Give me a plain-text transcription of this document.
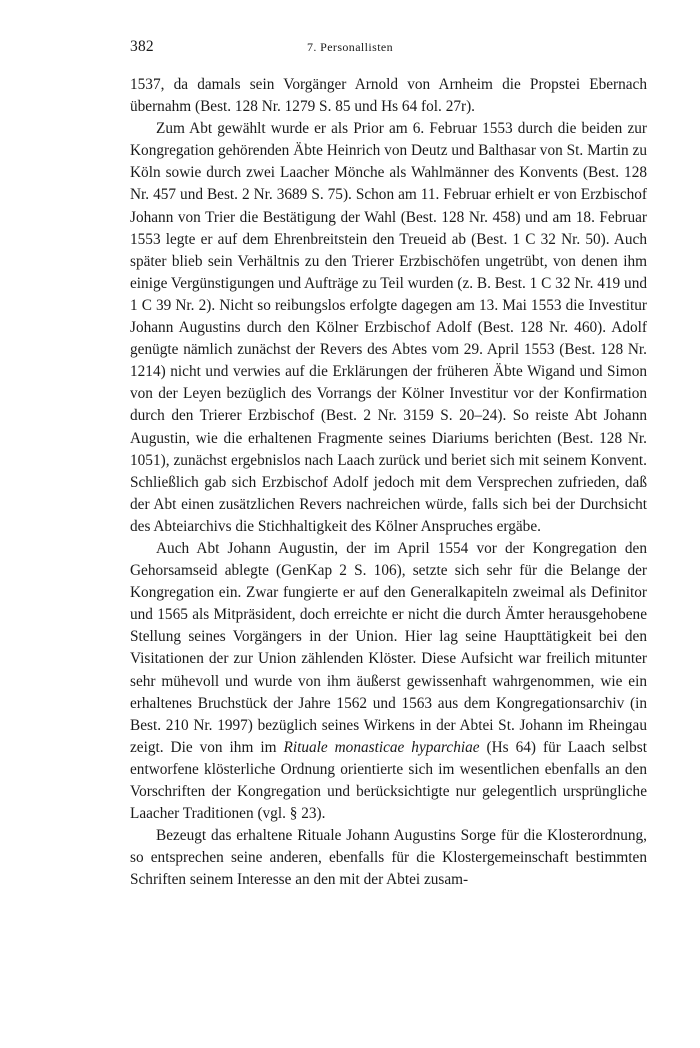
382	7. Personallisten

1537, da damals sein Vorgänger Arnold von Arnheim die Propstei Ebernach übernahm (Best. 128 Nr. 1279 S. 85 und Hs 64 fol. 27r).

Zum Abt gewählt wurde er als Prior am 6. Februar 1553 durch die beiden zur Kongregation gehörenden Äbte Heinrich von Deutz und Balthasar von St. Martin zu Köln sowie durch zwei Laacher Mönche als Wahlmänner des Konvents (Best. 128 Nr. 457 und Best. 2 Nr. 3689 S. 75). Schon am 11. Februar erhielt er von Erzbischof Johann von Trier die Bestätigung der Wahl (Best. 128 Nr. 458) und am 18. Februar 1553 legte er auf dem Ehrenbreitstein den Treueid ab (Best. 1 C 32 Nr. 50). Auch später blieb sein Verhältnis zu den Trierer Erzbischöfen ungetrübt, von denen ihm einige Vergünstigungen und Aufträge zu Teil wurden (z. B. Best. 1 C 32 Nr. 419 und 1 C 39 Nr. 2). Nicht so reibungslos erfolgte dagegen am 13. Mai 1553 die Investitur Johann Augustins durch den Kölner Erzbischof Adolf (Best. 128 Nr. 460). Adolf genügte nämlich zunächst der Revers des Abtes vom 29. April 1553 (Best. 128 Nr. 1214) nicht und verwies auf die Erklärungen der früheren Äbte Wigand und Simon von der Leyen bezüglich des Vorrangs der Kölner Investitur vor der Konfirmation durch den Trierer Erzbischof (Best. 2 Nr. 3159 S. 20–24). So reiste Abt Johann Augustin, wie die erhaltenen Fragmente seines Diariums berichten (Best. 128 Nr. 1051), zunächst ergebnislos nach Laach zurück und beriet sich mit seinem Konvent. Schließlich gab sich Erzbischof Adolf jedoch mit dem Versprechen zufrieden, daß der Abt einen zusätzlichen Revers nachreichen würde, falls sich bei der Durchsicht des Abteiarchivs die Stichhaltigkeit des Kölner Anspruches ergäbe.

Auch Abt Johann Augustin, der im April 1554 vor der Kongregation den Gehorsamseid ablegte (GenKap 2 S. 106), setzte sich sehr für die Belange der Kongregation ein. Zwar fungierte er auf den Generalkapiteln zweimal als Definitor und 1565 als Mitpräsident, doch erreichte er nicht die durch Ämter herausgehobene Stellung seines Vorgängers in der Union. Hier lag seine Haupttätigkeit bei den Visitationen der zur Union zählenden Klöster. Diese Aufsicht war freilich mitunter sehr mühevoll und wurde von ihm äußerst gewissenhaft wahrgenommen, wie ein erhaltenes Bruchstück der Jahre 1562 und 1563 aus dem Kongregationsarchiv (in Best. 210 Nr. 1997) bezüglich seines Wirkens in der Abtei St. Johann im Rheingau zeigt. Die von ihm im Rituale monasticae hyparchiae (Hs 64) für Laach selbst entworfene klösterliche Ordnung orientierte sich im wesentlichen ebenfalls an den Vorschriften der Kongregation und berücksichtigte nur gelegentlich ursprüngliche Laacher Traditionen (vgl. § 23).

Bezeugt das erhaltene Rituale Johann Augustins Sorge für die Klosterordnung, so entsprechen seine anderen, ebenfalls für die Klostergemeinschaft bestimmten Schriften seinem Interesse an den mit der Abtei zusam-
